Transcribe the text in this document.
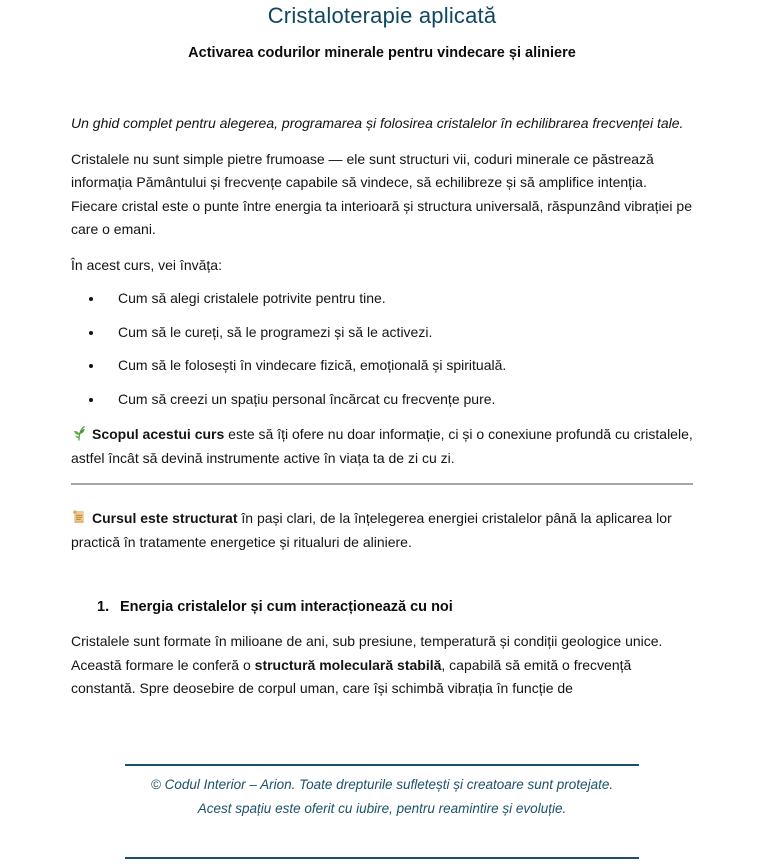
Cristaloterapie aplicată
Activarea codurilor minerale pentru vindecare și aliniere

Un ghid complet pentru alegerea, programarea și folosirea cristalelor în echilibrarea frecvenței tale.

Cristalele nu sunt simple pietre frumoase — ele sunt structuri vii, coduri minerale ce păstrează informația Pământului și frecvențe capabile să vindece, să echilibreze și să amplifice intenția. Fiecare cristal este o punte între energia ta interioară și structura universală, răspunzând vibrației pe care o emani.

În acest curs, vei învăța:

• Cum să alegi cristalele potrivite pentru tine.
• Cum să le cureți, să le programezi și să le activezi.
• Cum să le folosești în vindecare fizică, emoțională și spirituală.
• Cum să creezi un spațiu personal încărcat cu frecvențe pure.

Scopul acestui curs este să îți ofere nu doar informație, ci și o conexiune profundă cu cristalele, astfel încât să devină instrumente active în viața ta de zi cu zi.

Cursul este structurat în pași clari, de la înțelegerea energiei cristalelor până la aplicarea lor practică în tratamente energetice și ritualuri de aliniere.

1. Energia cristalelor și cum interacționează cu noi

Cristalele sunt formate în milioane de ani, sub presiune, temperatură și condiții geologice unice. Această formare le conferă o structură moleculară stabilă, capabilă să emită o frecvență constantă. Spre deosebire de corpul uman, care își schimbă vibrația în funcție de

© Codul Interior – Arion. Toate drepturile sufletești și creatoare sunt protejate.

Acest spațiu este oferit cu iubire, pentru reamintire și evoluție.
